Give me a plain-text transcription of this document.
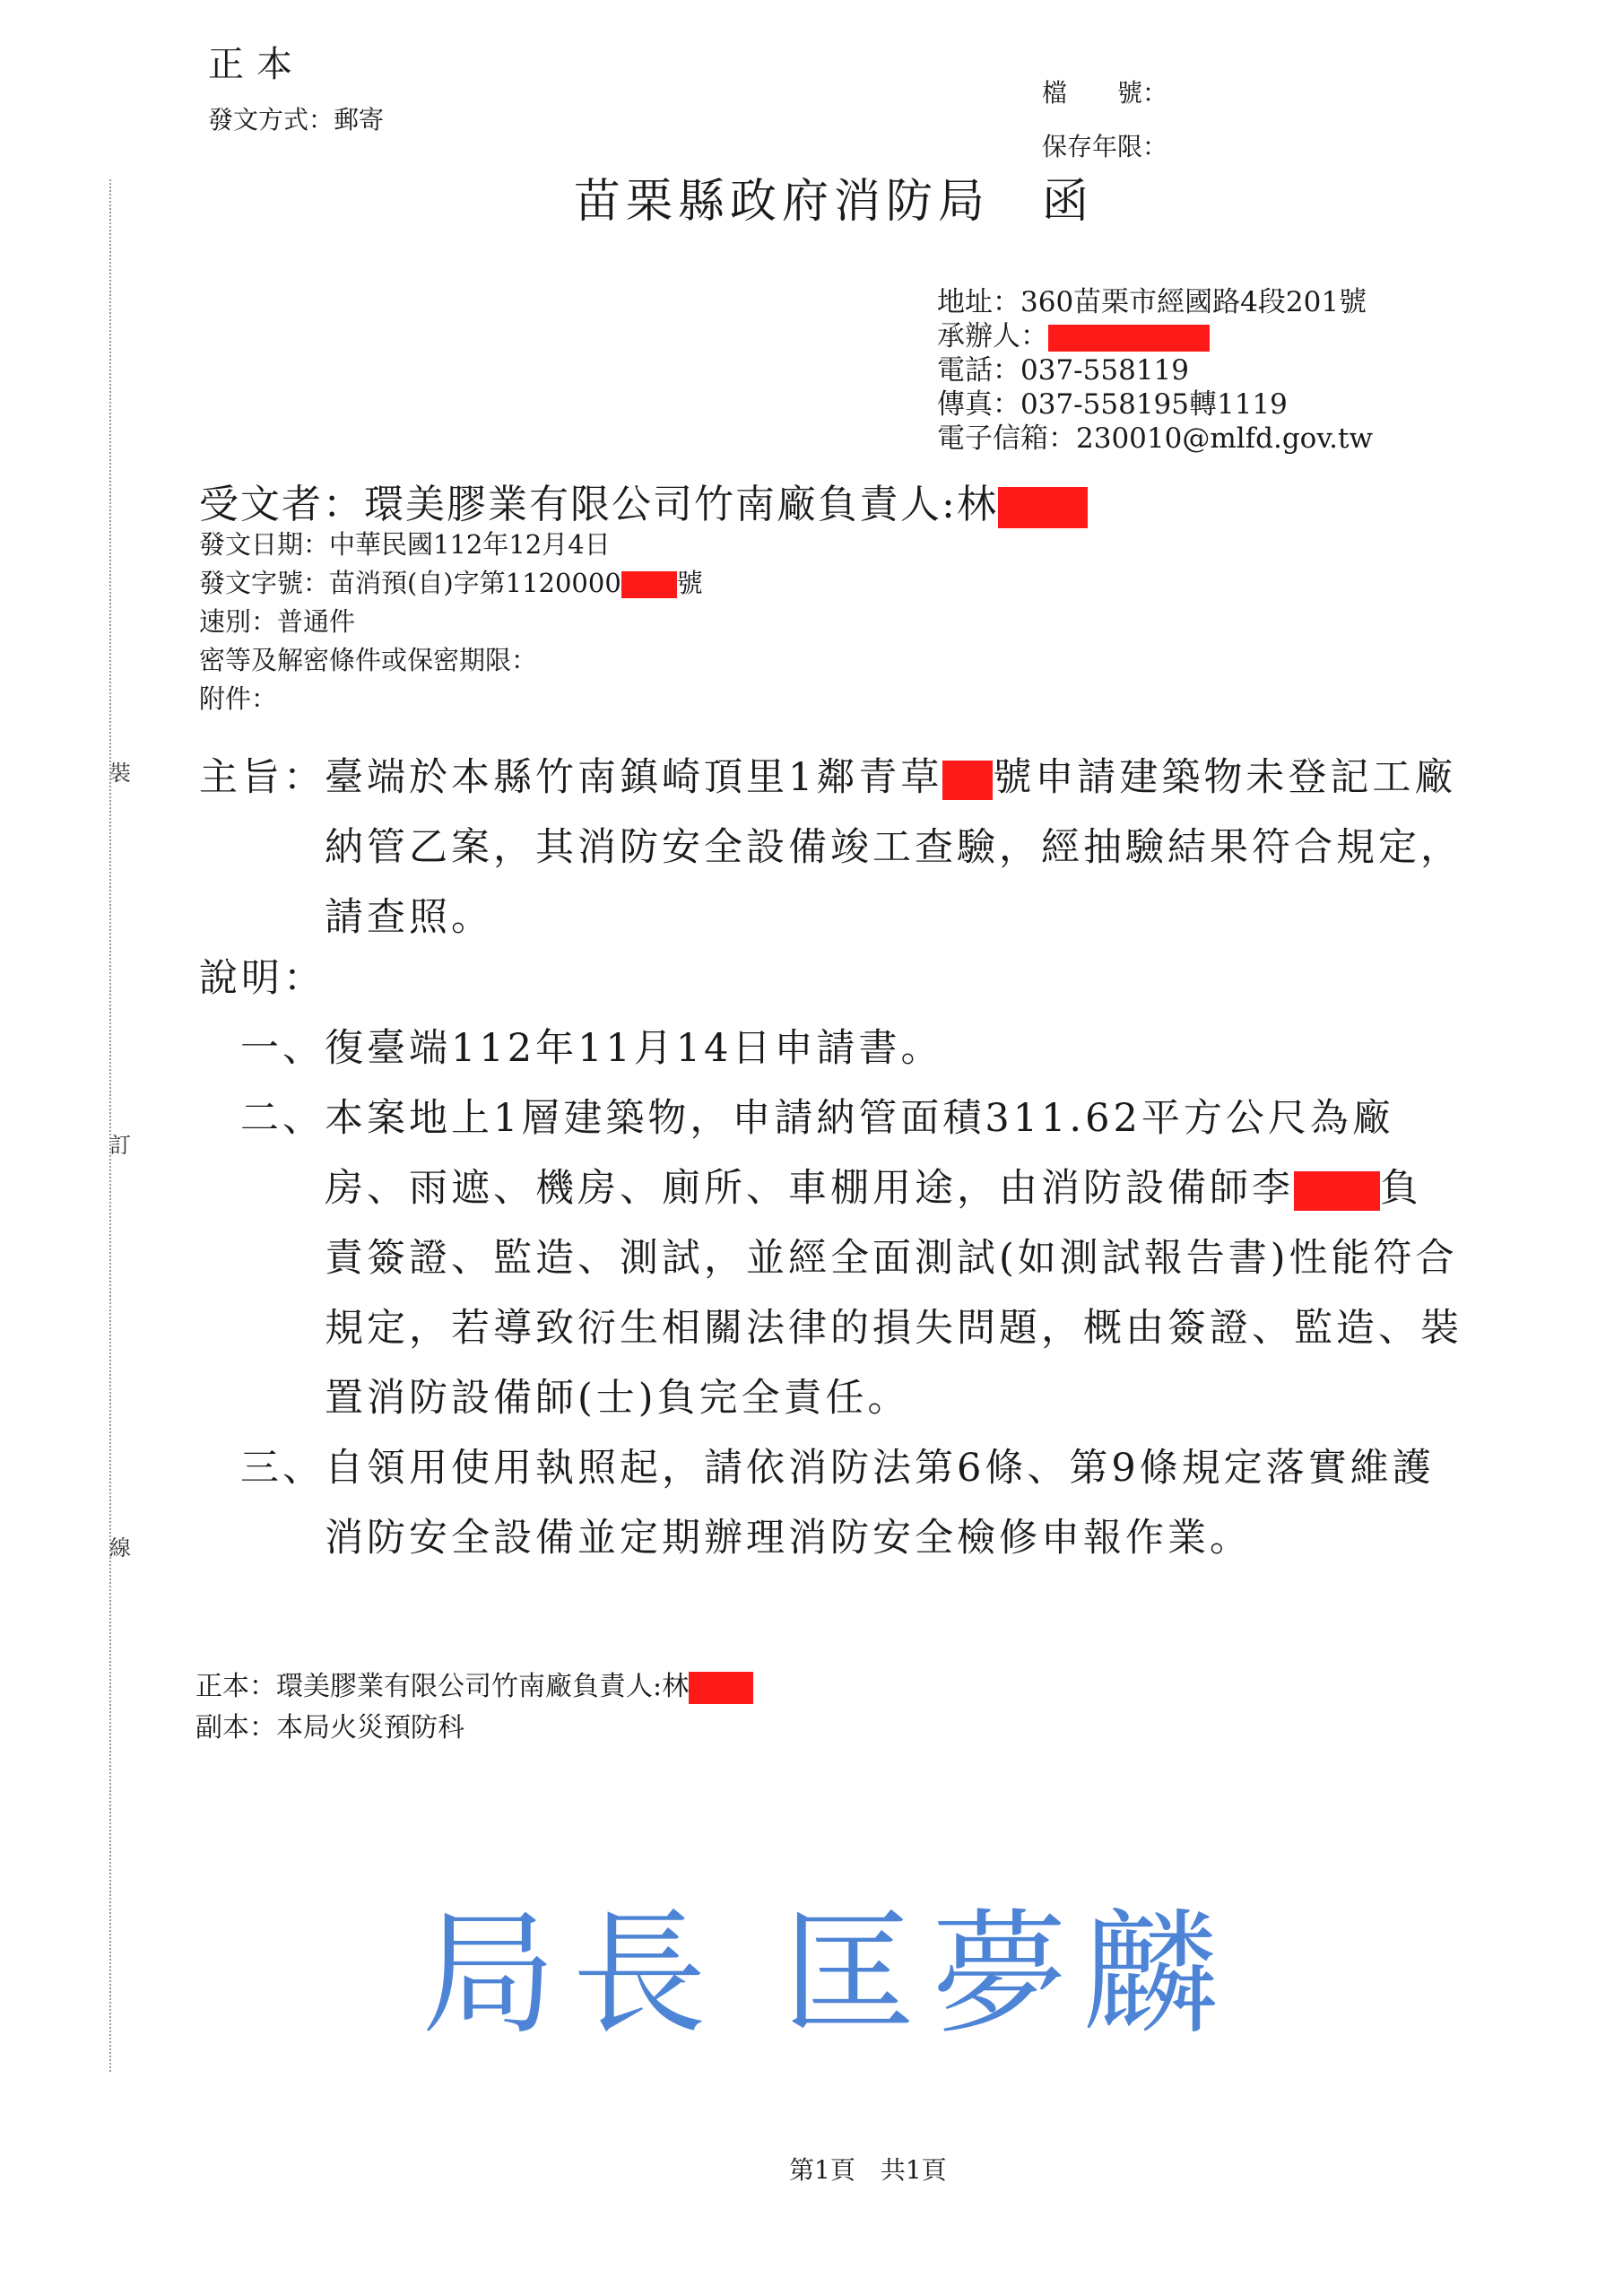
正本
發文方式：郵寄
檔　　號：
保存年限：
苗栗縣政府消防局　函
裝
訂
線
地址：360苗栗市經國路4段201號
承辦人：
電話：037-558119
傳真：037-558195轉1119
電子信箱：230010@mlfd.gov.tw
受文者：環美膠業有限公司竹南廠負責人:林
發文日期：中華民國112年12月4日
發文字號：苗消預(自)字第1120000 號
速別：普通件
密等及解密條件或保密期限：
附件：
主旨： 臺端於本縣竹南鎮崎頂里1鄰青草 號申請建築物未登記工廠納管乙案，其消防安全設備竣工查驗，經抽驗結果符合規定，請查照。
說明：
一、 復臺端112年11月14日申請書。
二、 本案地上1層建築物，申請納管面積311.62平方公尺為廠房、雨遮、機房、廁所、車棚用途，由消防設備師李 負責簽證、監造、測試，並經全面測試(如測試報告書)性能符合規定，若導致衍生相關法律的損失問題，概由簽證、監造、裝置消防設備師(士)負完全責任。
三、 自領用使用執照起，請依消防法第6條、第9條規定落實維護消防安全設備並定期辦理消防安全檢修申報作業。
正本：環美膠業有限公司竹南廠負責人:林
副本：本局火災預防科
局長 匡夢麟
第1頁　共1頁
